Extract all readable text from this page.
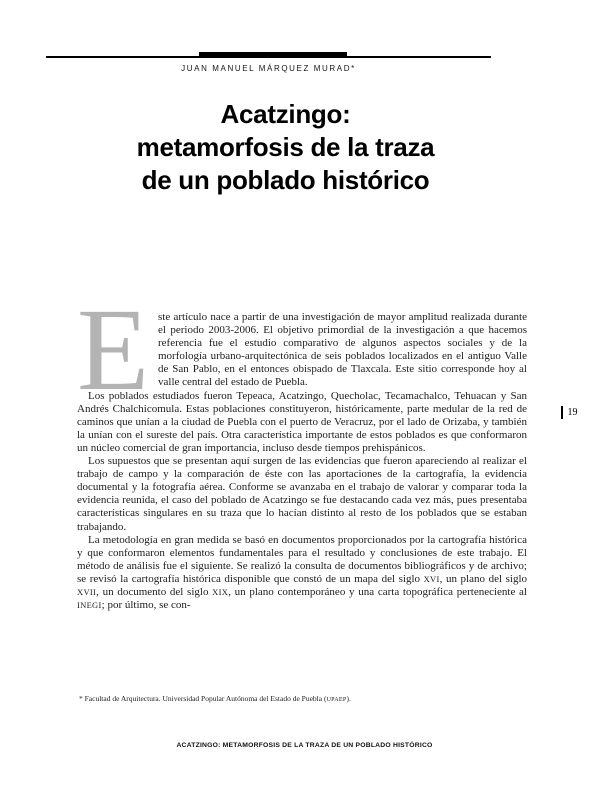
JUAN MANUEL MÁRQUEZ MURAD*
Acatzingo:
metamorfosis de la traza
de un poblado histórico

Este artículo nace a partir de una investigación de mayor amplitud realizada durante el periodo 2003-2006. El objetivo primordial de la investigación a que hacemos referencia fue el estudio comparativo de algunos aspectos sociales y de la morfología urbano-arquitectónica de seis poblados localizados en el antiguo Valle de San Pablo, en el entonces obispado de Tlaxcala. Este sitio corresponde hoy al valle central del estado de Puebla.

Los poblados estudiados fueron Tepeaca, Acatzingo, Quecholac, Tecamachalco, Tehuacan y San Andrés Chalchicomula. Estas poblaciones constituyeron, históricamente, parte medular de la red de caminos que unían a la ciudad de Puebla con el puerto de Veracruz, por el lado de Orizaba, y también la unían con el sureste del país. Otra característica importante de estos poblados es que conformaron un núcleo comercial de gran importancia, incluso desde tiempos prehispánicos.

Los supuestos que se presentan aquí surgen de las evidencias que fueron apareciendo al realizar el trabajo de campo y la comparación de éste con las aportaciones de la cartografía, la evidencia documental y la fotografía aérea. Conforme se avanzaba en el trabajo de valorar y comparar toda la evidencia reunida, el caso del poblado de Acatzingo se fue destacando cada vez más, pues presentaba características singulares en su traza que lo hacían distinto al resto de los poblados que se estaban trabajando.

La metodología en gran medida se basó en documentos proporcionados por la cartografía histórica y que conformaron elementos fundamentales para el resultado y conclusiones de este trabajo. El método de análisis fue el siguiente. Se realizó la consulta de documentos bibliográficos y de archivo; se revisó la cartografía histórica disponible que constó de un mapa del siglo XVI, un plano del siglo XVII, un documento del siglo XIX, un plano contemporáneo y una carta topográfica perteneciente al INEGI; por último, se con-

19
* Facultad de Arquitectura. Universidad Popular Autónoma del Estado de Puebla (UPAEP).
ACATZINGO: METAMORFOSIS DE LA TRAZA DE UN POBLADO HISTÓRICO
